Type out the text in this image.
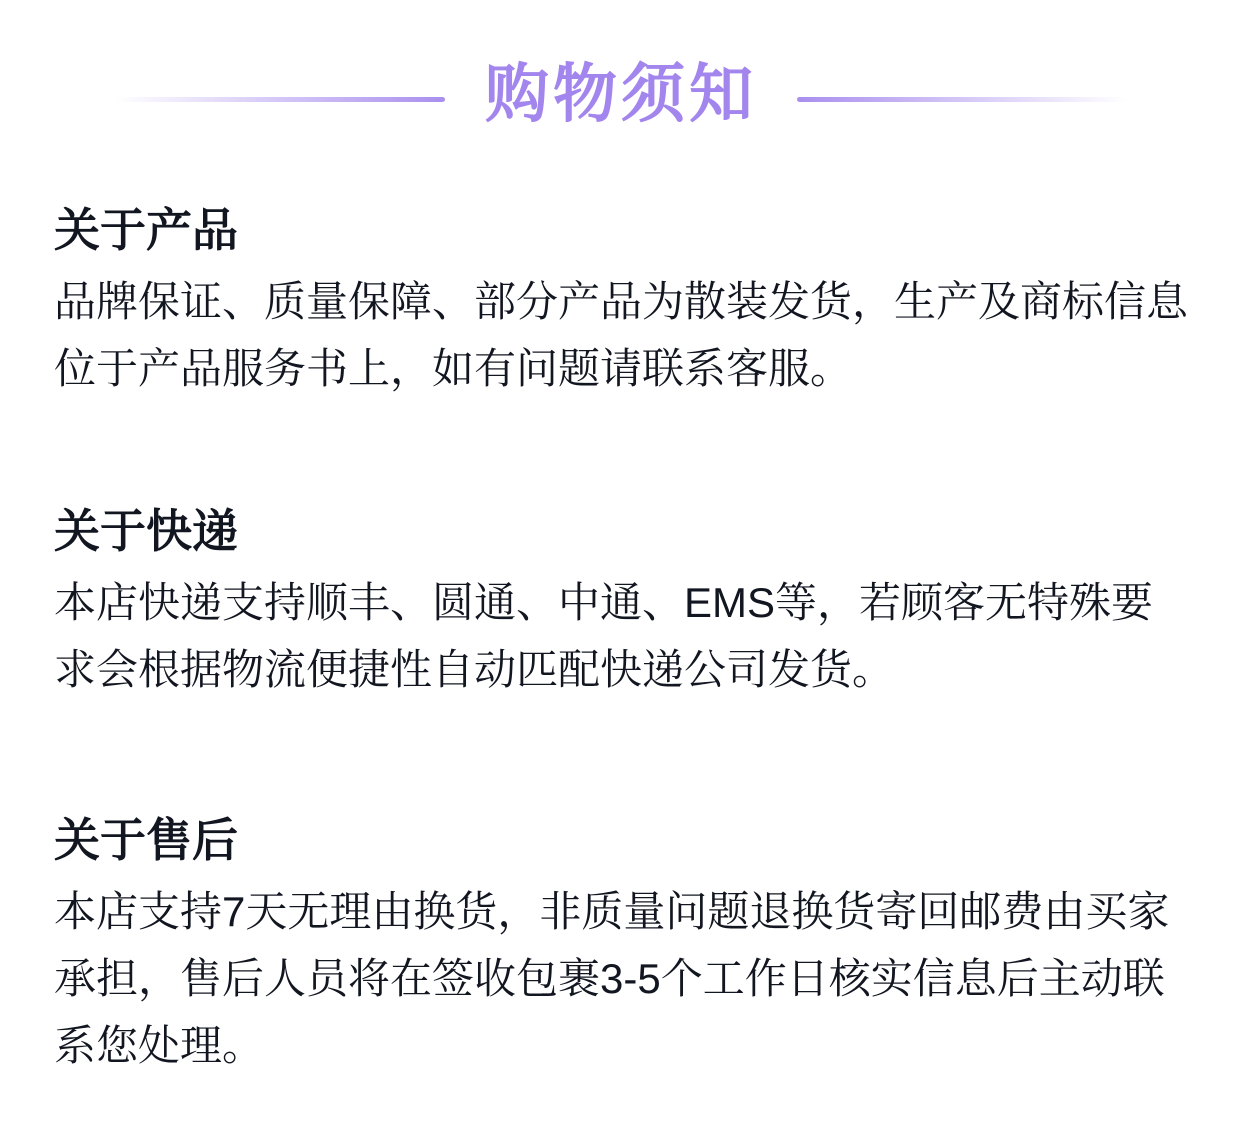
购物须知
关于产品

品牌保证、质量保障、部分产品为散装发货，生产及商标信息位于产品服务书上，如有问题请联系客服。

关于快递

本店快递支持顺丰、圆通、中通、EMS等，若顾客无特殊要求会根据物流便捷性自动匹配快递公司发货。

关于售后

本店支持7天无理由换货，非质量问题退换货寄回邮费由买家承担，售后人员将在签收包裹3-5个工作日核实信息后主动联系您处理。
